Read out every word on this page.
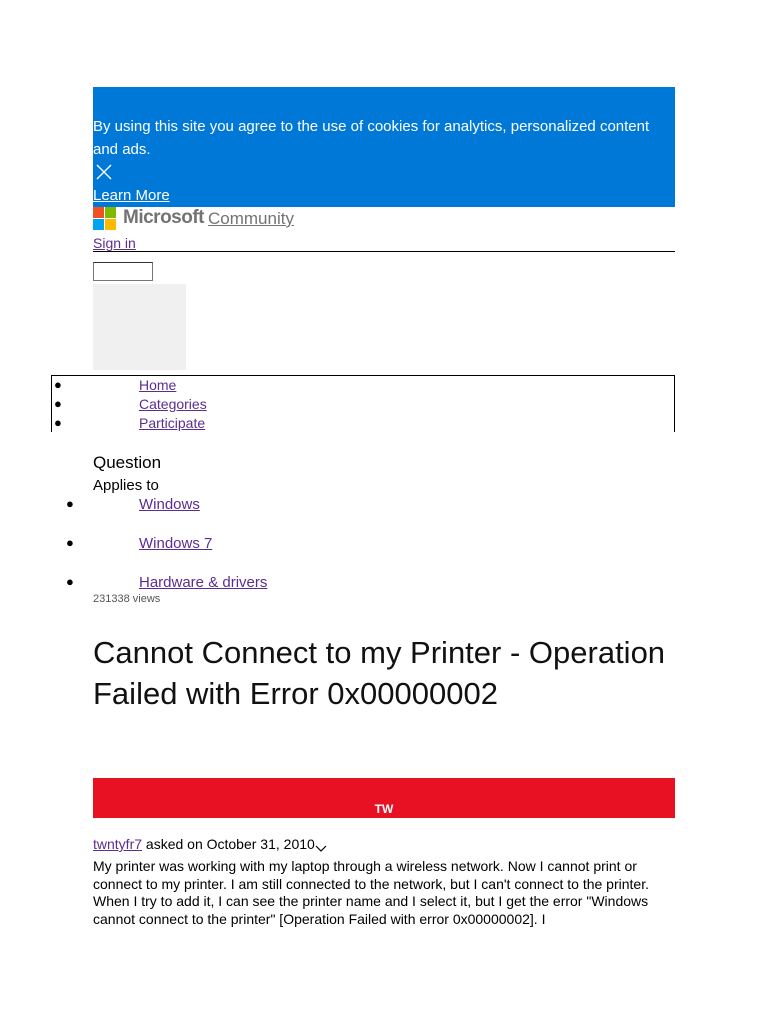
By using this site you agree to the use of cookies for analytics, personalized content and ads.

Learn More
Microsoft Community
Sign in
●	Home
●	Categories
●	Participate
Question
Applies to
●	Windows
●	Windows 7
●	Hardware & drivers
231338 views
Cannot Connect to my Printer - Operation Failed with Error 0x00000002
TW
twntyfr7 asked on October 31, 2010

My printer was working with my laptop through a wireless network. Now I cannot print or connect to my printer. I am still connected to the network, but I can't connect to the printer. When I try to add it, I can see the printer name and I select it, but I get the error "Windows cannot connect to the printer" [Operation Failed with error 0x00000002]. I
